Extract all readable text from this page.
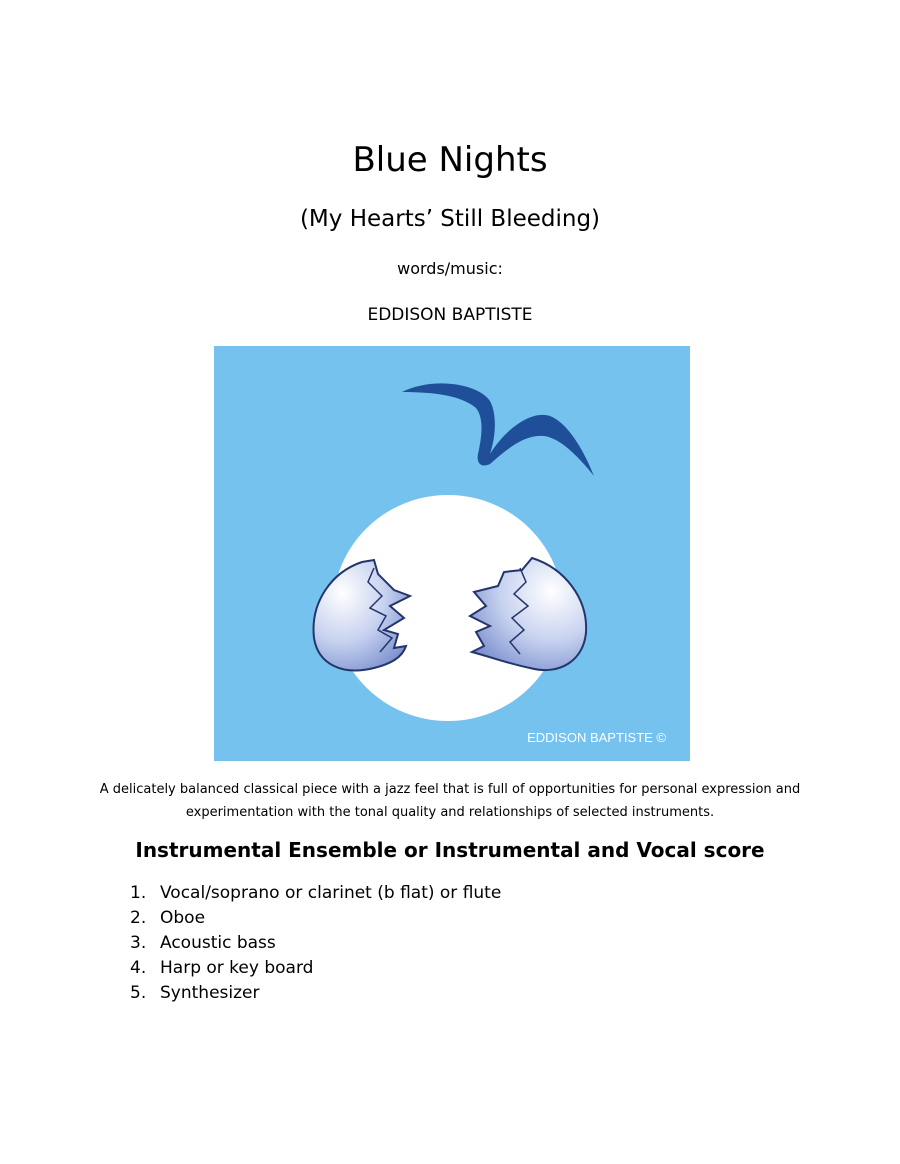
Blue Nights

(My Hearts’ Still Bleeding)

words/music:

EDDISON BAPTISTE

EDDISON BAPTISTE ©

A delicately balanced classical piece with a jazz feel that is full of opportunities for personal expression and experimentation with the tonal quality and relationships of selected instruments.

Instrumental Ensemble or Instrumental and Vocal score
1. Vocal/soprano or clarinet (b flat) or flute
2. Oboe
3. Acoustic bass
4. Harp or key board
5. Synthesizer
